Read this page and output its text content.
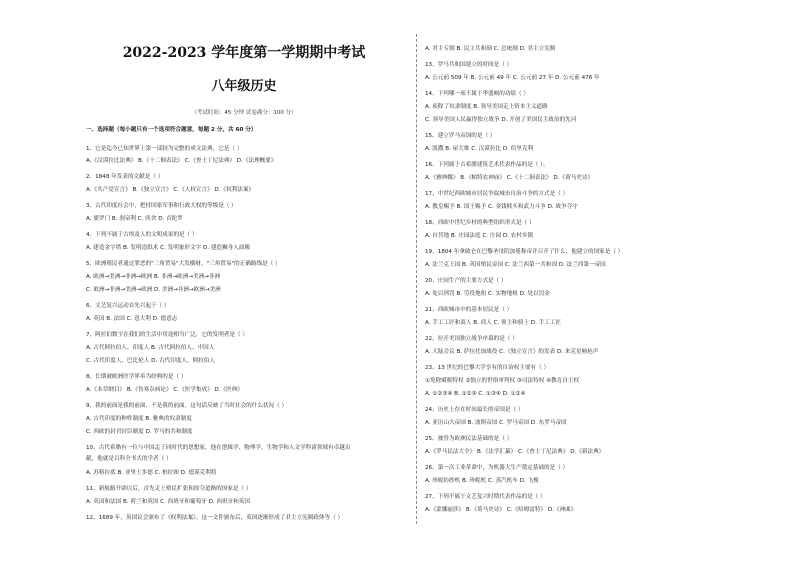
2022-2023 学年度第一学期期中考试
八年级历史
（考试时间：45 分钟 试卷满分：100 分）
一、选择题（每小题只有一个选项符合题意，每题 2 分，共 60 分）
1、它是迄今已知世界上第一部较为完整的成文法典，它是（ ）
A.《汉谟拉比法典》 B.《十二铜表法》 C.《查士丁尼法典》 D.《法理概要》
2、1848 年发表的文献是（ ）
A.《共产党宣言》 B.《独立宣言》 C.《人权宣言》 D.《权利法案》
3、古代印度社会中，把持国家军事和行政大权的等级是（ ）
A. 婆罗门 B. 刹帝利 C. 吠舍 D. 首陀罗
4、下列不属于古埃及人的文明成果的是（ ）
A. 建造金字塔 B. 发明造纸术 C. 发明象形文字 D. 建造狮身人面像
5、欧洲殖民者通过罪恶的"三角贸易"大发横财，"三角贸易"的正确路线是（ ）
A. 欧洲→美洲→非洲→欧洲 B. 非洲→欧洲→美洲→非洲
C. 欧洲→非洲→美洲→欧洲 D. 美洲→非洲→欧洲→美洲
6、文艺复兴运动首先兴起于（ ）
A. 英国 B. 法国 C. 意大利 D. 德意志
7、阿拉伯数字在我们的生活中用途相当广泛，它的发明者是（ ）
A. 古代阿拉伯人、印度人 B. 古代阿拉伯人、中国人
C. 古代印度人、巴比伦人 D. 古代印度人、阿拉伯人
8、长期被欧洲医学界奉为经典的是（ ）
A.《本草纲目》 B.《伤寒杂病论》 C.《医学集成》 D.《医典》
9、我的前面是我的前面，不是我的前面，这句话反映了当时社会的什么状况（ ）
A. 古代印度的种姓制度 B. 雅典的奴隶制度
C. 西欧的封君封臣制度 D. 罗马的共和制度
10、古代希腊有一位与中国孟子同时代的思想家，他在逻辑学、物理学、生物学和人文学科诸领域有卓越贡
献，他就是百科全书式的学者（ ）
A. 苏格拉底 B. 亚里士多德 C. 柏拉图 D. 德谟克利特
11、新航路开辟以后，首先走上殖民扩张和掠夺道路的国家是（ ）
A. 英国和法国 B. 荷兰和英国 C. 西班牙和葡萄牙 D. 西班牙和英国
12、1689 年，英国议会颁布了《权利法案》。这一文件颁布后，英国逐渐形成了君主立宪制政体等（ ）
A. 君主专制 B. 民主共和制 C. 总统制 D. 君主立宪制
13、罗马共和国建立的时间是（ ）
A. 公元前 509 年 B. 公元前 49 年 C. 公元前 27 年 D. 公元前 476 年
14、下列哪一项不属于华盛顿的功绩（ ）
A. 废除了奴隶制度 B. 领导美国走上资本主义道路
C. 领导美国人民赢得独立战争 D. 开创了美国民主政治的先河
15、建立罗马帝国的是（ ）
A. 凯撒 B. 屋大维 C. 汉谟拉比 D. 伯里克利
16、下列属于古希腊建筑艺术代表作品的是（ ）。
A.《雅典娜》 B.《帕特农神庙》 C.《十二铜表法》 D.《荷马史诗》
17、中世纪西欧城市居民争取城市自治斗争的方式是（ ）
A. 教皇赐予 B. 国王赐予 C. 金钱赎买和武力斗争 D. 战争夺守
18、西欧中世纪乡村的典型组织形式是（ ）
A. 自营地 B. 庄园法庭 C. 庄园 D. 农村乡镇
19、1804 年拿破仑在巴黎圣母院加冕称帝并召开了什么，他建立的国家是（ ）
A. 法兰克王国 B. 英国殖民帝国 C. 法兰西第一共和国 D. 法兰西第一帝国
20、庄园生产的主要方式是（ ）
A. 处以刑罚 B. 劳役地租 C. 实物地租 D. 处以罚金
21、西欧城市中的基本居民是（ ）
A. 手工工匠和商人 B. 商人 C. 领主和骑士 D. 手工工匠
22、拉开美国独立战争序幕的是（ ）
A. 大陆会议 B. 萨拉托加战役 C.《独立宣言》的发表 D. 来克星顿枪声
23、13 世纪的巴黎大学享有的自治权主要有（ ）
①免除赋税特权 ②独立的世俗审判权 ③司法特权 ④教育自主权
A. ①②③④ B. ①②③ C. ①③④ D. ①②④
24、历史上存在时间最长的帝国是（ ）
A. 亚历山大帝国 B. 波斯帝国 C. 罗马帝国 D. 东罗马帝国
25、被誉为欧洲民法基础的是（ ）
A.《罗马民法大全》 B.《法学汇纂》 C.《查士丁尼法典》 D.《新法典》
26、第一次工业革命中，为机器大生产奠定基础的是（ ）
A. 珍妮纺纱机 B. 珍妮机 C. 蒸汽机车 D. 飞梭
27、下列不属于文艺复兴时期代表作品的是（ ）
A.《蒙娜丽莎》 B.《荷马史诗》 C.《哈姆雷特》 D.《神曲》
